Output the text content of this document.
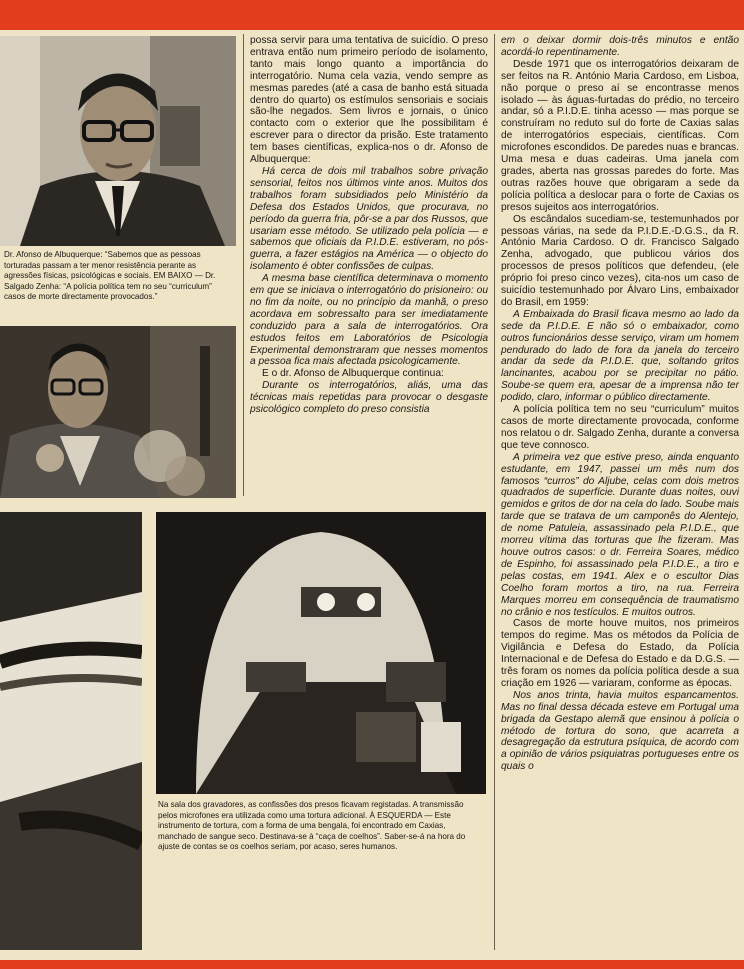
Dr. Afonso de Albuquerque: “Sabemos que as pessoas torturadas passam a ter menor resistência perante as agressões físicas, psicológicas e sociais. EM BAIXO — Dr. Salgado Zenha: “A polícia política tem no seu “curriculum” casos de morte directamente provocados.”
Na sala dos gravadores, as confissões dos presos ficavam registadas. A transmissão pelos microfones era utilizada como uma tortura adicional. À ESQUERDA — Este instrumento de tortura, com a forma de uma bengala, foi encontrado em Caxias, manchado de sangue seco. Destinava-se à “caça de coelhos”. Saber-se-á na hora do ajuste de contas se os coelhos seriam, por acaso, seres humanos.

possa servir para uma tentativa de suicídio. O preso entrava então num primeiro período de isolamento, tanto mais longo quanto a importância do interrogatório. Numa cela vazia, vendo sempre as mesmas paredes (até a casa de banho está situada dentro do quarto) os estímulos sensoriais e sociais são-lhe negados. Sem livros e jornais, o único contacto com o exterior que lhe possibilitam é escrever para o director da prisão. Este tratamento tem bases científicas, explica-nos o dr. Afonso de Albuquerque:

Há cerca de dois mil trabalhos sobre privação sensorial, feitos nos últimos vinte anos. Muitos dos trabalhos foram subsidiados pelo Ministério da Defesa dos Estados Unidos, que procurava, no período da guerra fria, pôr-se a par dos Russos, que usariam esse método. Se utilizado pela polícia — e sabemos que oficiais da P.I.D.E. estiveram, no pós-guerra, a fazer estágios na América — o objecto do isolamento é obter confissões de culpas.

A mesma base científica determinava o momento em que se iniciava o interrogatório do prisioneiro: ou no fim da noite, ou no princípio da manhã, o preso acordava em sobressalto para ser imediatamente conduzido para a sala de interrogatórios. Ora estudos feitos em Laboratórios de Psicologia Experimental demonstraram que nesses momentos a pessoa fica mais afectada psicologicamente.

E o dr. Afonso de Albuquerque continua:

Durante os interrogatórios, aliás, uma das técnicas mais repetidas para provocar o desgaste psicológico completo do preso consistia

em o deixar dormir dois-três minutos e então acordá-lo repentinamente.

Desde 1971 que os interrogatórios deixaram de ser feitos na R. António Maria Cardoso, em Lisboa, não porque o preso aí se encontrasse menos isolado — às águas-furtadas do prédio, no terceiro andar, só a P.I.D.E. tinha acesso — mas porque se construíram no reduto sul do forte de Caxias salas de interrogatórios especiais, científicas. Com microfones escondidos. De paredes nuas e brancas. Uma mesa e duas cadeiras. Uma janela com grades, aberta nas grossas paredes do forte. Mas outras razões houve que obrigaram a sede da polícia política a deslocar para o forte de Caxias os presos sujeitos aos interrogatórios.

Os escândalos sucediam-se, testemunhados por pessoas várias, na sede da P.I.D.E.-D.G.S., da R. António Maria Cardoso. O dr. Francisco Salgado Zenha, advogado, que publicou vários dos processos de presos políticos que defendeu, (ele próprio foi preso cinco vezes), cita-nos um caso de suicídio testemunhado por Álvaro Lins, embaixador do Brasil, em 1959:

A Embaixada do Brasil ficava mesmo ao lado da sede da P.I.D.E. E não só o embaixador, como outros funcionários desse serviço, viram um homem pendurado do lado de fora da janela do terceiro andar da sede da P.I.D.E. que, soltando gritos lancinantes, acabou por se precipitar no pátio. Soube-se quem era, apesar de a imprensa não ter podido, claro, informar o público directamente.

A polícia política tem no seu “curriculum” muitos casos de morte directamente provocada, conforme nos relatou o dr. Salgado Zenha, durante a conversa que teve connosco.

A primeira vez que estive preso, ainda enquanto estudante, em 1947, passei um mês num dos famosos “curros” do Aljube, celas com dois metros quadrados de superfície. Durante duas noites, ouvi gemidos e gritos de dor na cela do lado. Soube mais tarde que se tratava de um camponês do Alentejo, de nome Patuleia, assassinado pela P.I.D.E., que morreu vítima das torturas que lhe fizeram. Mas houve outros casos: o dr. Ferreira Soares, médico de Espinho, foi assassinado pela P.I.D.E., a tiro e pelas costas, em 1941. Alex e o escultor Dias Coelho foram mortos a tiro, na rua. Ferreira Marques morreu em consequência de traumatismo no crânio e nos testículos. E muitos outros.

Casos de morte houve muitos, nos primeiros tempos do regime. Mas os métodos da Polícia de Vigilância e Defesa do Estado, da Polícia Internacional e de Defesa do Estado e da D.G.S. — três foram os nomes da polícia política desde a sua criação em 1926 — variaram, conforme as épocas.

Nos anos trinta, havia muitos espancamentos. Mas no final dessa década esteve em Portugal uma brigada da Gestapo alemã que ensinou à polícia o método de tortura do sono, que acarreta a desagregação da estrutura psíquica, de acordo com a opinião de vários psiquiatras portugueses entre os quais o
